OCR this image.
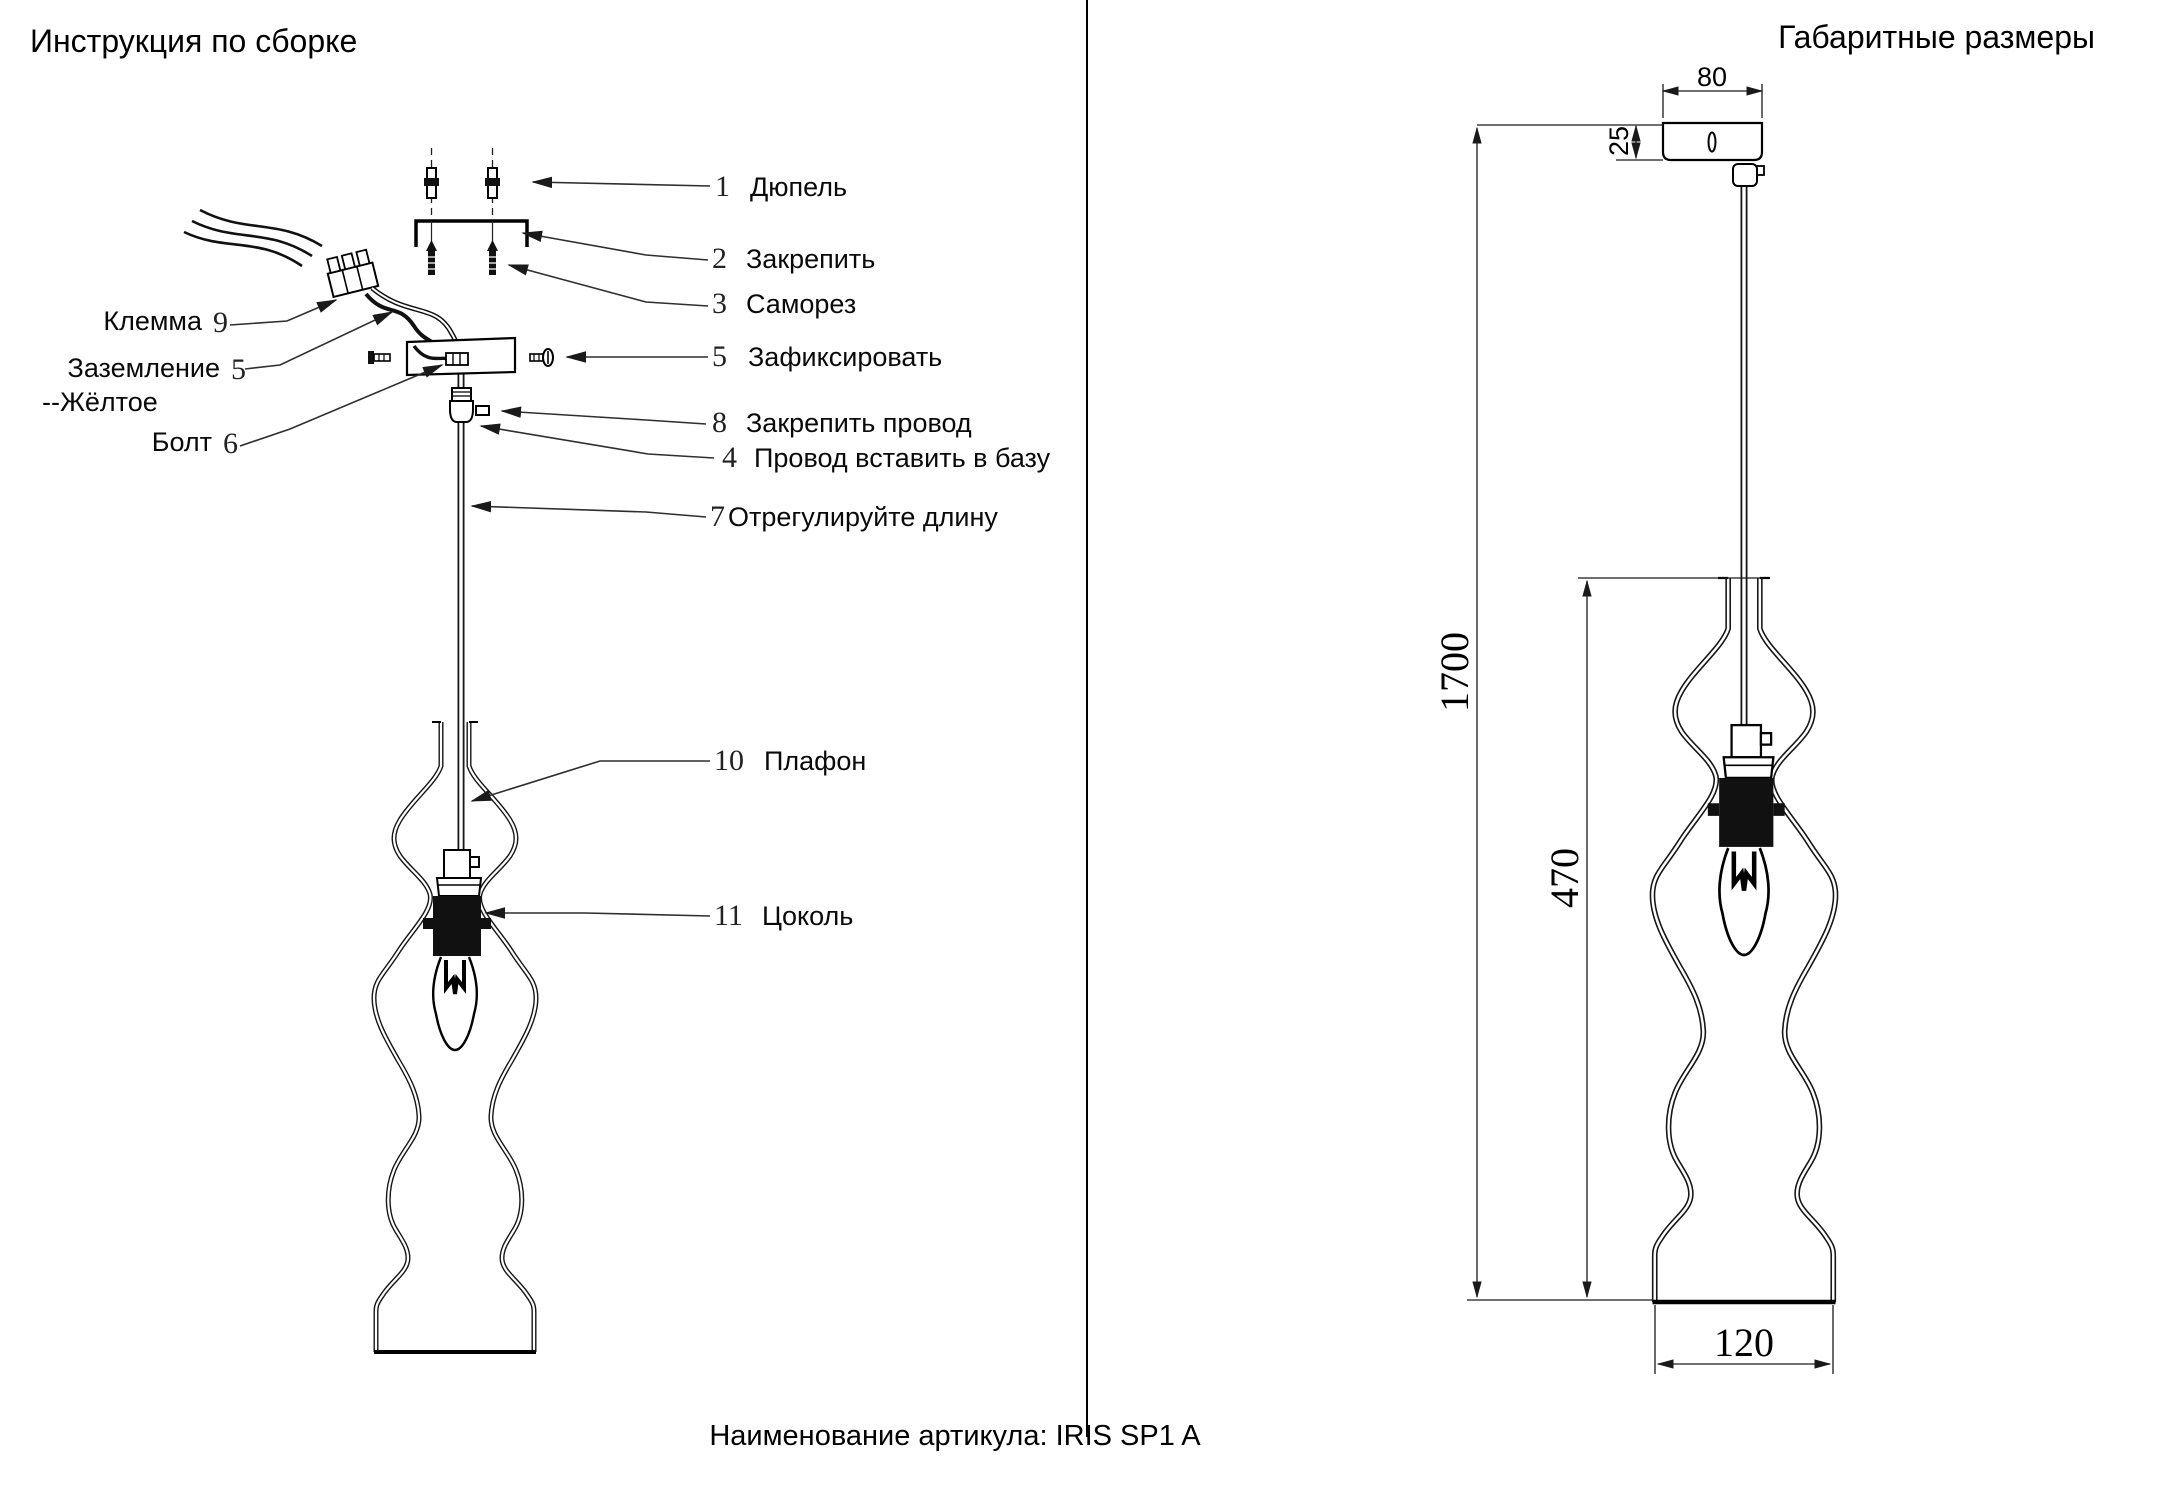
Инструкция по сборке
1 Дюпель
2 Закрепить
3 Саморез
5 Зафиксировать
8 Закрепить провод
4 Провод вставить в базу
7 Отрегулируйте длину
10 Плафон
11 Цоколь
Клемма 9
Заземление 5
--Жёлтое
Болт 6
Габаритные размеры
80
25
1700
470
120
Наименование артикула: IRIS SP1 A
